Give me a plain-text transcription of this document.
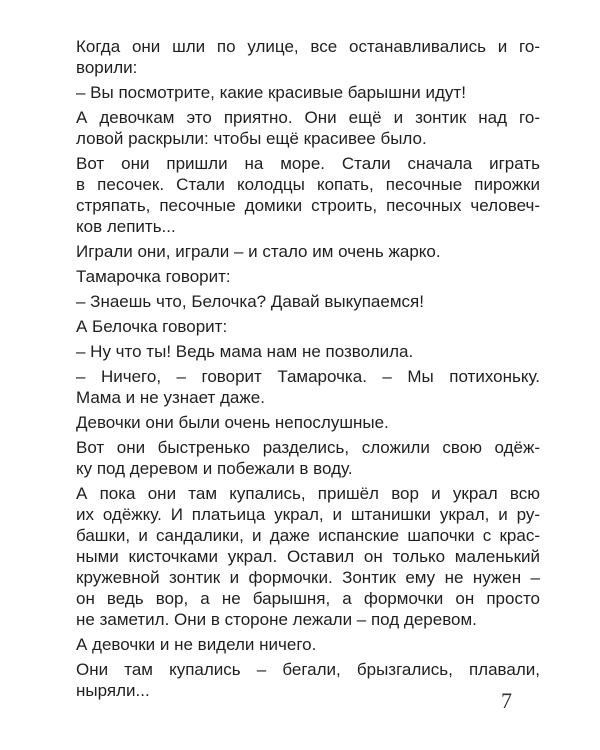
Когда они шли по улице, все останавливались и го-
ворили:
– Вы посмотрите, какие красивые барышни идут!
А девочкам это приятно. Они ещё и зонтик над го-
ловой раскрыли: чтобы ещё красивее было.
Вот они пришли на море. Стали сначала играть
в песочек. Стали колодцы копать, песочные пирожки
стряпать, песочные домики строить, песочных человеч-
ков лепить...
Играли они, играли – и стало им очень жарко.
Тамарочка говорит:
– Знаешь что, Белочка? Давай выкупаемся!
А Белочка говорит:
– Ну что ты! Ведь мама нам не позволила.
– Ничего, – говорит Тамарочка. – Мы потихоньку.
Мама и не узнает даже.
Девочки они были очень непослушные.
Вот они быстренько разделись, сложили свою одёж-
ку под деревом и побежали в воду.
А пока они там купались, пришёл вор и украл всю
их одёжку. И платьица украл, и штанишки украл, и ру-
башки, и сандалики, и даже испанские шапочки с крас-
ными кисточками украл. Оставил он только маленький
кружевной зонтик и формочки. Зонтик ему не нужен –
он ведь вор, а не барышня, а формочки он просто
не заметил. Они в стороне лежали – под деревом.
А девочки и не видели ничего.
Они там купались – бегали, брызгались, плавали,
ныряли...	7
